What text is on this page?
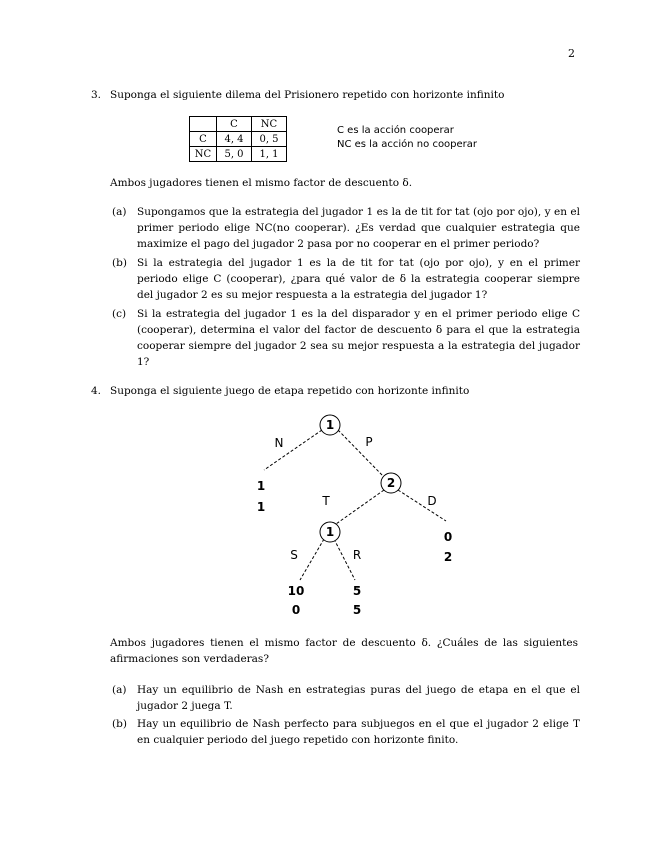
2
3. Suponga el siguiente dilema del Prisionero repetido con horizonte infinito
	C	NC
C	4, 4	0, 5
NC	5, 0	1, 1
C es la acción cooperar
NC es la acción no cooperar
Ambos jugadores tienen el mismo factor de descuento δ.
(a)	Supongamos que la estrategia del jugador 1 es la de tit for tat (ojo por ojo), y en el primer periodo elige NC(no cooperar). ¿Es verdad que cualquier estrategia que maximize el pago del jugador 2 pasa por no cooperar en el primer periodo?
(b) Si la estrategia del jugador 1 es la de tit for tat (ojo por ojo), y en el primer periodo elige C (cooperar), ¿para qué valor de δ la estrategia cooperar siempre del jugador 2 es su mejor respuesta a la estrategia del jugador 1?
(c)	Si la estrategia del jugador 1 es la del disparador y en el primer periodo elige C (cooperar), determina el valor del factor de descuento δ para el que la estrategia cooperar siempre del jugador 2 sea su mejor respuesta a la estrategia del jugador 1?
4. Suponga el siguiente juego de etapa repetido con horizonte infinito
1
2
1
N	P
T	D
S	R
1
1
0
2
10
0
5
5
Ambos jugadores tienen el mismo factor de descuento δ. ¿Cuáles de las siguientes afirmaciones son verdaderas?
(a)	Hay un equilibrio de Nash en estrategias puras del juego de etapa en el que el jugador 2 juega T.
(b) Hay un equilibrio de Nash perfecto para subjuegos en el que el jugador 2 elige T en cualquier periodo del juego repetido con horizonte finito.
